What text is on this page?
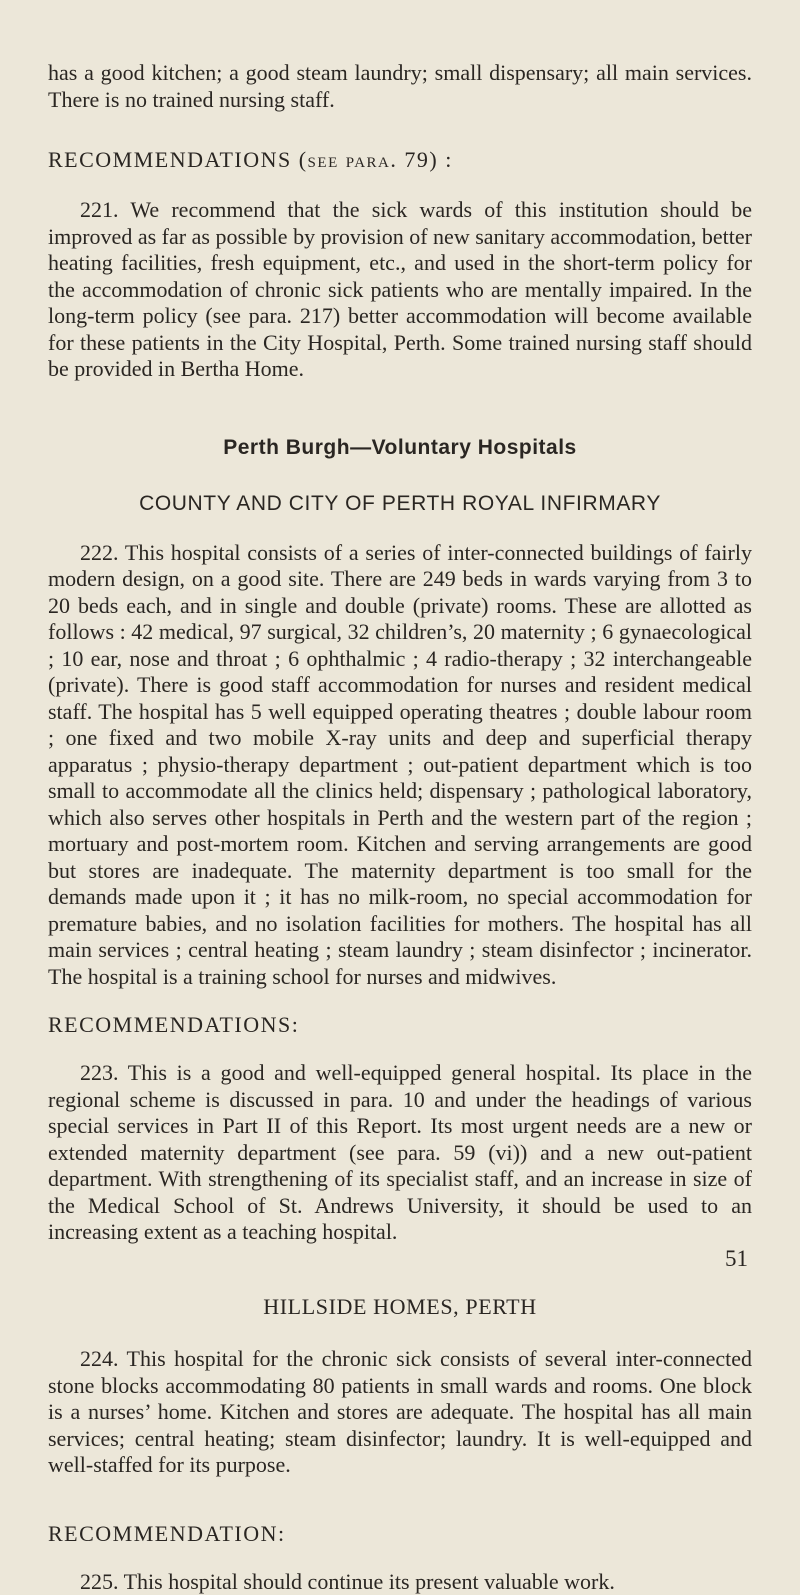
has a good kitchen; a good steam laundry; small dispensary; all main services. There is no trained nursing staff.

RECOMMENDATIONS (see para. 79) :

221. We recommend that the sick wards of this institution should be improved as far as possible by provision of new sanitary accommodation, better heating facilities, fresh equipment, etc., and used in the short-term policy for the accommodation of chronic sick patients who are mentally impaired. In the long-term policy (see para. 217) better accommodation will become available for these patients in the City Hospital, Perth. Some trained nursing staff should be provided in Bertha Home.

Perth Burgh—Voluntary Hospitals

COUNTY AND CITY OF PERTH ROYAL INFIRMARY

222. This hospital consists of a series of inter-connected buildings of fairly modern design, on a good site. There are 249 beds in wards varying from 3 to 20 beds each, and in single and double (private) rooms. These are allotted as follows : 42 medical, 97 surgical, 32 children’s, 20 maternity ; 6 gynaecological ; 10 ear, nose and throat ; 6 ophthalmic ; 4 radio-therapy ; 32 interchangeable (private). There is good staff accommodation for nurses and resident medical staff. The hospital has 5 well equipped operating theatres ; double labour room ; one fixed and two mobile X-ray units and deep and superficial therapy apparatus ; physio-therapy department ; out-patient department which is too small to accommodate all the clinics held; dispensary ; pathological laboratory, which also serves other hospitals in Perth and the western part of the region ; mortuary and post-mortem room. Kitchen and serving arrangements are good but stores are inadequate. The maternity department is too small for the demands made upon it ; it has no milk-room, no special accommodation for premature babies, and no isolation facilities for mothers. The hospital has all main services ; central heating ; steam laundry ; steam disinfector ; incinerator. The hospital is a training school for nurses and midwives.

RECOMMENDATIONS:

223. This is a good and well-equipped general hospital. Its place in the regional scheme is discussed in para. 10 and under the headings of various special services in Part II of this Report. Its most urgent needs are a new or extended maternity department (see para. 59 (vi)) and a new out-patient department. With strengthening of its specialist staff, and an increase in size of the Medical School of St. Andrews University, it should be used to an increasing extent as a teaching hospital.

HILLSIDE HOMES, PERTH

224. This hospital for the chronic sick consists of several inter-connected stone blocks accommodating 80 patients in small wards and rooms. One block is a nurses’ home. Kitchen and stores are adequate. The hospital has all main services; central heating; steam disinfector; laundry. It is well-equipped and well-staffed for its purpose.

RECOMMENDATION:

225. This hospital should continue its present valuable work.

51
